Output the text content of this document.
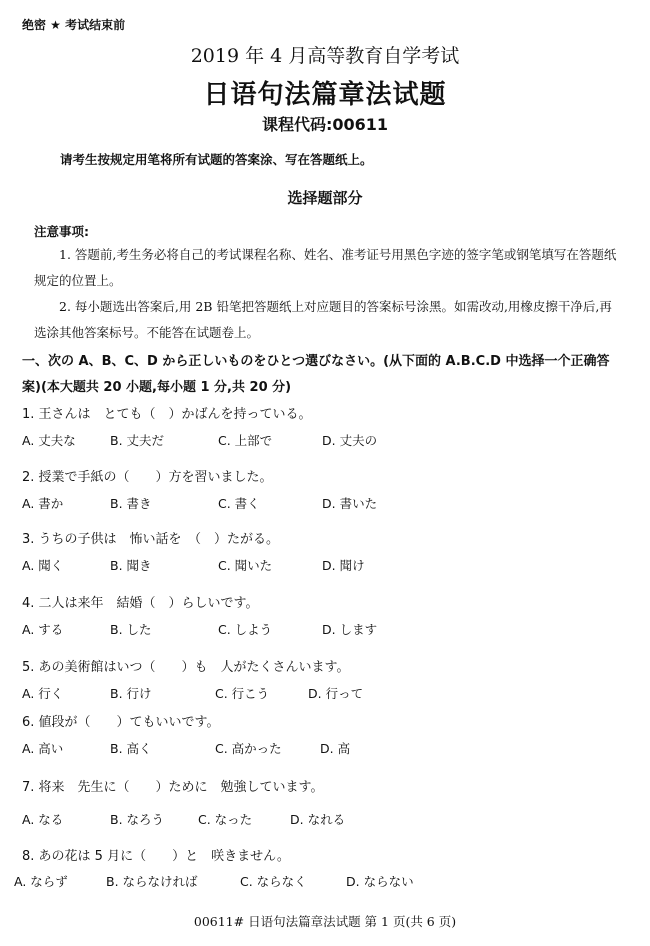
绝密 ★ 考试结束前
2019 年 4 月高等教育自学考试
日语句法篇章法试题
课程代码:00611
请考生按规定用笔将所有试题的答案涂、写在答题纸上。
选择题部分
注意事项:
1. 答题前,考生务必将自己的考试课程名称、姓名、准考证号用黑色字迹的签字笔或钢笔填写在答题纸规定的位置上。
2. 每小题选出答案后,用 2B 铅笔把答题纸上对应题目的答案标号涂黑。如需改动,用橡皮擦干净后,再选涂其他答案标号。不能答在试题卷上。
一、次の A、B、C、D から正しいものをひとつ選びなさい。(从下面的 A.B.C.D 中选择一个正确答案)(本大题共 20 小题,每小题 1 分,共 20 分)
1. 王さんは　とても（　）かばんを持っている。
A. 丈夫な	B. 丈夫だ	C. 上部で	D. 丈夫の
2. 授業で手紙の（　　）方を習いました。
A. 書か	B. 書き	C. 書く	D. 書いた
3. うちの子供は　怖い話を　（　）たがる。
A. 聞く	B. 聞き	C. 聞いた	D. 聞け
4. 二人は来年　結婚（　）らしいです。
A. する	B. した	C. しよう	D. します
5. あの美術館はいつ（　　）も　人がたくさんいます。
A. 行く	B. 行け	C. 行こう	D. 行って
6. 値段が（　　）てもいいです。
A. 高い	B. 高く	C. 高かった	D. 高
7. 将来　先生に（　　）ために　勉強しています。
A. なる	B. なろう	C. なった	D. なれる
8. あの花は 5 月に（　　）と　咲きません。
A. ならず	B. ならなければ	C. ならなく	D. ならない
00611# 日语句法篇章法试题 第 1 页(共 6 页)
